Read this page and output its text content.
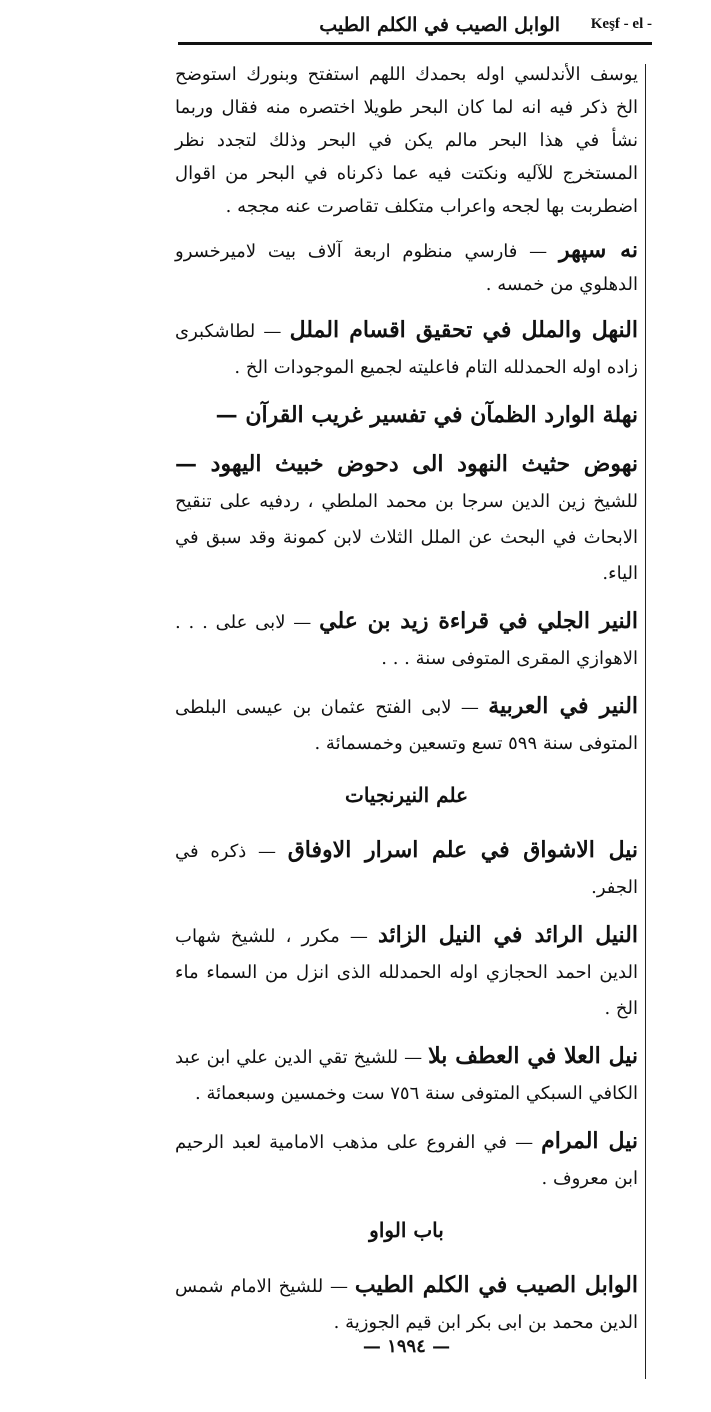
الوابل الصيب في الكلم الطيب Keşf - el -
يوسف الأندلسي اوله بحمدك اللهم استفتح وبنورك استوضح الخ ذكر فيه انه لما كان البحر طويلا اختصره منه فقال وربما نشأ في هذا البحر مالم يكن في البحر وذلك لتجدد نظر المستخرج للآليه ونكتت فيه عما ذكرناه في البحر من اقوال اضطربت بها لجحه واعراب متكلف تقاصرت عنه مججه .
نه سپهر — فارسي منظوم اربعة آلاف بيت لاميرخسرو الدهلوي من خمسه .
النهل والملل في تحقيق اقسام الملل — لطاشكبرى زاده اوله الحمدلله التام فاعليته لجميع الموجودات الخ .
نهلة الوارد الظمآن في تفسير غريب القرآن —
نهوض حثيث النهود الى دحوض خبيث اليهود — للشيخ زين الدين سرجا بن محمد الملطي ، ردفيه على تنقيح الابحاث في البحث عن الملل الثلاث لابن كمونة وقد سبق في الياء.
النير الجلي في قراءة زيد بن علي — لابى على . . . الاهوازي المقرى المتوفى سنة . . .
النير في العربية — لابى الفتح عثمان بن عيسى البلطى المتوفى سنة ٥٩٩ تسع وتسعين وخمسمائة .
علم النيرنجيات
نيل الاشواق في علم اسرار الاوفاق — ذكره في الجفر.
النيل الرائد في النيل الزائد — مكرر ، للشيخ شهاب الدين احمد الحجازي اوله الحمدلله الذى انزل من السماء ماء الخ .
نيل العلا في العطف بلا — للشيخ تقي الدين علي ابن عبد الكافي السبكي المتوفى سنة ٧٥٦ ست وخمسين وسبعمائة .
نيل المرام — في الفروع على مذهب الامامية لعبد الرحيم ابن معروف .
باب الواو
الوابل الصيب في الكلم الطيب — للشيخ الامام شمس الدين محمد بن ابى بكر ابن قيم الجوزية .
— ١٩٩٤ —
